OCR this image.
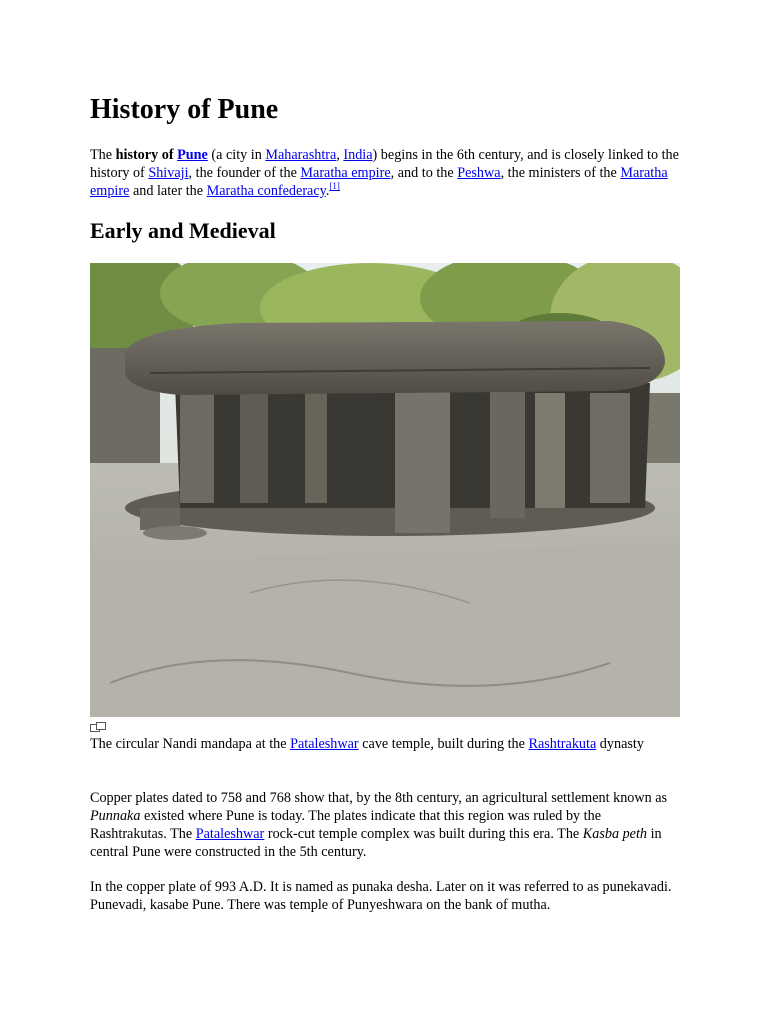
History of Pune

The history of Pune (a city in Maharashtra, India) begins in the 6th century, and is closely linked to the history of Shivaji, the founder of the Maratha empire, and to the Peshwa, the ministers of the Maratha empire and later the Maratha confederacy.[1]

Early and Medieval

The circular Nandi mandapa at the Pataleshwar cave temple, built during the Rashtrakuta dynasty

Copper plates dated to 758 and 768 show that, by the 8th century, an agricultural settlement known as Punnaka existed where Pune is today. The plates indicate that this region was ruled by the Rashtrakutas. The Pataleshwar rock-cut temple complex was built during this era. The Kasba peth in central Pune were constructed in the 5th century.

In the copper plate of 993 A.D. It is named as punaka desha. Later on it was referred to as punekavadi. Punevadi, kasabe Pune. There was temple of Punyeshwara on the bank of mutha.
